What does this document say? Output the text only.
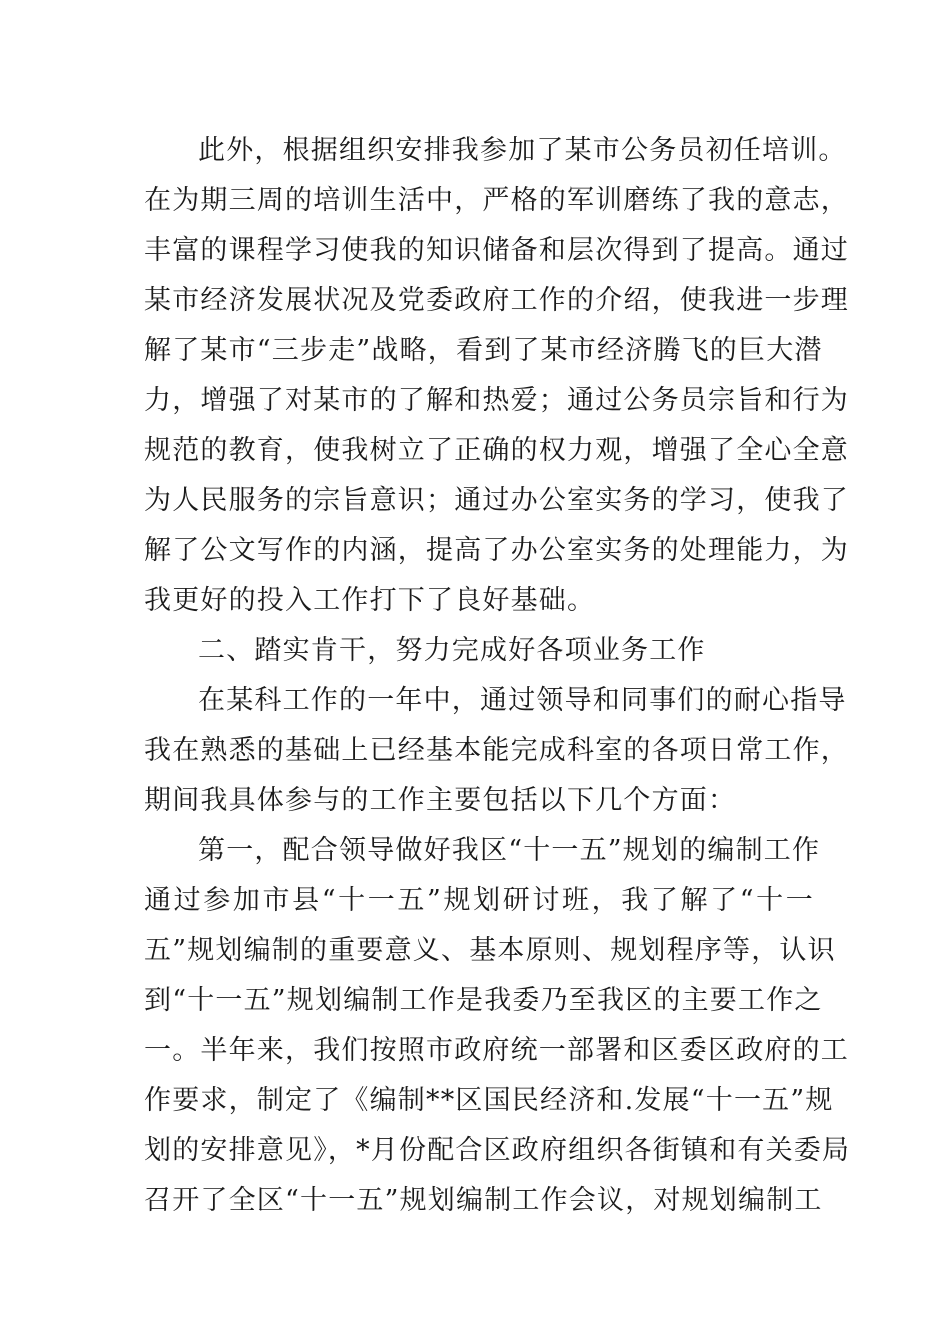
此外，根据组织安排我参加了某市公务员初任培训。
在为期三周的培训生活中，严格的军训磨练了我的意志，
丰富的课程学习使我的知识储备和层次得到了提高。通过
某市经济发展状况及党委政府工作的介绍，使我进一步理
解了某市“三步走”战略，看到了某市经济腾飞的巨大潜
力，增强了对某市的了解和热爱；通过公务员宗旨和行为
规范的教育，使我树立了正确的权力观，增强了全心全意
为人民服务的宗旨意识；通过办公室实务的学习，使我了
解了公文写作的内涵，提高了办公室实务的处理能力，为
我更好的投入工作打下了良好基础。
二、踏实肯干，努力完成好各项业务工作
在某科工作的一年中，通过领导和同事们的耐心指导
我在熟悉的基础上已经基本能完成科室的各项日常工作，
期间我具体参与的工作主要包括以下几个方面：
第一，配合领导做好我区“十一五”规划的编制工作
通过参加市县“十一五”规划研讨班，我了解了“十一
五”规划编制的重要意义、基本原则、规划程序等，认识
到“十一五”规划编制工作是我委乃至我区的主要工作之
一。半年来，我们按照市政府统一部署和区委区政府的工
作要求，制定了《编制**区国民经济和.发展“十一五”规
划的安排意见》，*月份配合区政府组织各街镇和有关委局
召开了全区“十一五”规划编制工作会议，对规划编制工
